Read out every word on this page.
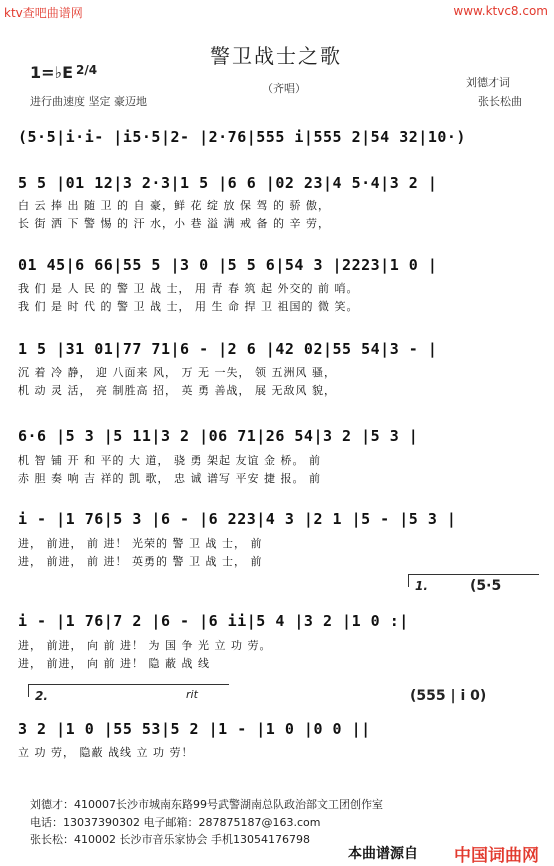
ktv查吧曲谱网	www.ktvc8.com
警卫战士之歌
1=♭E 2/4
（齐唱）	刘德才词
进行曲速度 坚定 豪迈地	张长松曲
(5·5|i·i- |i5·5|2- |2·76|555 i|555 2|54 32|10·)
5 5 |01 12|3 2·3|1 5 |6 6 |02 23|4 5·4|3 2 |
白 云 捧 出 随 卫 的 自 豪，鲜 花 绽 放 保 驾 的 骄 傲，
长 街 洒 下 警 惕 的 汗 水，小 巷 溢 满 戒 备 的 辛 劳，
01 45|6 66|55 5 |3 0 |5 5 6|54 3 |2223|1 0 |
我 们 是 人 民 的 警 卫 战 士， 用 青 春 筑 起 外交的 前 哨。
我 们 是 时 代 的 警 卫 战 士， 用 生 命 捍 卫 祖国的 微 笑。
1 5 |31 01|77 71|6 - |2 6 |42 02|55 54|3 - |
沉 着 冷 静， 迎 八面来 风， 万 无 一失， 领 五洲风 骚，
机 动 灵 活， 亮 制胜高 招， 英 勇 善战， 展 无敌风 貌，
6·6 |5 3 |5 11|3 2 |06 71|26 54|3 2 |5 3 |
机 智 铺 开 和 平的 大 道， 骁 勇 架起 友谊 金 桥。 前
赤 胆 奏 响 吉 祥的 凯 歌， 忠 诚 谱写 平安 捷 报。 前
i - |1 76|5 3 |6 - |6 223|4 3 |2 1 |5 - |5 3 |
进， 前进， 前 进！ 光荣的 警 卫 战 士， 前
进， 前进， 前 进！ 英勇的 警 卫 战 士， 前
1.	(5·5
i - |1 76|7 2 |6 - |6 ii|5 4 |3 2 |1 0 :|
进， 前进， 向 前 进！ 为 国 争 光 立 功 劳。
进， 前进， 向 前 进！ 隐 蔽 战 线
2.	rit	(555 | i 0)
3 2 |1 0 |55 53|5 2 |1 - |1 0 |0 0 ||
立 功 劳， 隐蔽 战线 立 功 劳！
刘德才：410007长沙市城南东路99号武警湖南总队政治部文工团创作室
电话：13037390302 电子邮箱：287875187@163.com
张长松：410002 长沙市音乐家协会 手机13054176798
本曲谱源自 中国词曲网
